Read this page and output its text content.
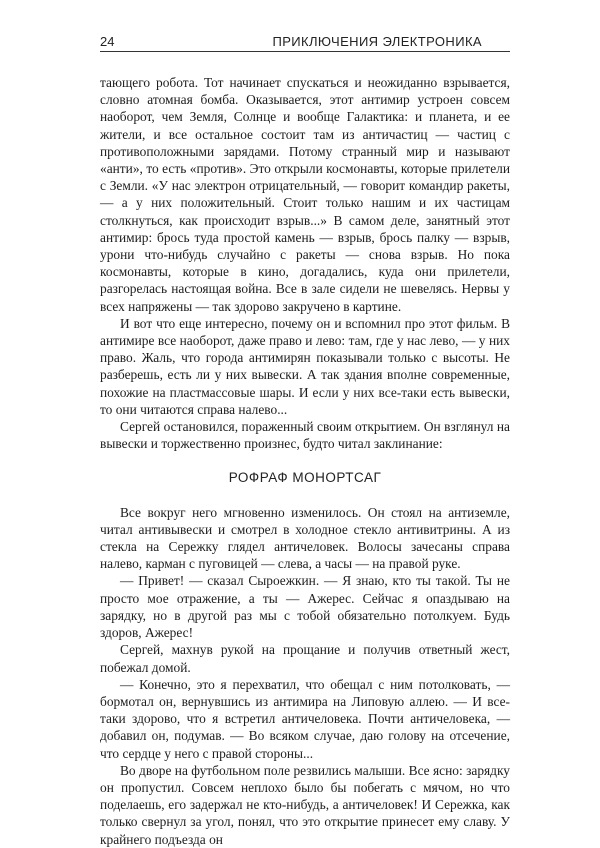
24	ПРИКЛЮЧЕНИЯ ЭЛЕКТРОНИКА

тающего робота. Тот начинает спускаться и неожиданно взрывается, словно атомная бомба. Оказывается, этот антимир устроен совсем наоборот, чем Земля, Солнце и вообще Галактика: и планета, и ее жители, и все остальное состоит там из античастиц — частиц с противоположными зарядами. Потому странный мир и называют «анти», то есть «против». Это открыли космонавты, которые прилетели с Земли. «У нас электрон отрицательный, — говорит командир ракеты, — а у них положительный. Стоит только нашим и их частицам столкнуться, как происходит взрыв...» В самом деле, занятный этот антимир: брось туда простой камень — взрыв, брось палку — взрыв, урони что-нибудь случайно с ракеты — снова взрыв. Но пока космонавты, которые в кино, догадались, куда они прилетели, разгорелась настоящая война. Все в зале сидели не шевелясь. Нервы у всех напряжены — так здорово закручено в картине.

И вот что еще интересно, почему он и вспомнил про этот фильм. В антимире все наоборот, даже право и лево: там, где у нас лево, — у них право. Жаль, что города антимирян показывали только с высоты. Не разберешь, есть ли у них вывески. А так здания вполне современные, похожие на пластмассовые шары. И если у них все-таки есть вывески, то они читаются справа налево...

Сергей остановился, пораженный своим открытием. Он взглянул на вывески и торжественно произнес, будто читал заклинание:

РОФРАФ МОНОРТСАГ

Все вокруг него мгновенно изменилось. Он стоял на антиземле, читал антивывески и смотрел в холодное стекло антивитрины. А из стекла на Сережку глядел античеловек. Волосы зачесаны справа налево, карман с пуговицей — слева, а часы — на правой руке.

— Привет! — сказал Сыроежкин. — Я знаю, кто ты такой. Ты не просто мое отражение, а ты — Ажерес. Сейчас я опаздываю на зарядку, но в другой раз мы с тобой обязательно потолкуем. Будь здоров, Ажерес!

Сергей, махнув рукой на прощание и получив ответный жест, побежал домой.

— Конечно, это я перехватил, что обещал с ним потолковать, — бормотал он, вернувшись из антимира на Липовую аллею. — И все-таки здорово, что я встретил античеловека. Почти античеловека, — добавил он, подумав. — Во всяком случае, даю голову на отсечение, что сердце у него с правой стороны...

Во дворе на футбольном поле резвились малыши. Все ясно: зарядку он пропустил. Совсем неплохо было бы побегать с мячом, но что поделаешь, его задержал не кто-нибудь, а античеловек! И Сережка, как только свернул за угол, понял, что это открытие принесет ему славу. У крайнего подъезда он
